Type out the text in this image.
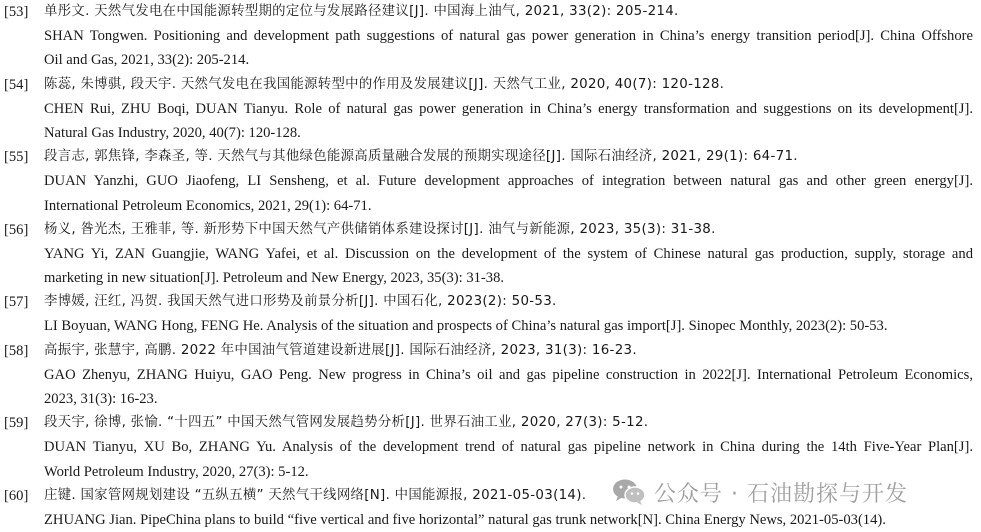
[53]	单彤文. 天然气发电在中国能源转型期的定位与发展路径建议[J]. 中国海上油气, 2021, 33(2): 205-214.
SHAN Tongwen. Positioning and development path suggestions of natural gas power generation in China’s energy transition period[J]. China Offshore
Oil and Gas, 2021, 33(2): 205-214.
[54]	陈蕊, 朱博骐, 段天宇. 天然气发电在我国能源转型中的作用及发展建议[J]. 天然气工业, 2020, 40(7): 120-128.
CHEN Rui, ZHU Boqi, DUAN Tianyu. Role of natural gas power generation in China’s energy transformation and suggestions on its development[J].
Natural Gas Industry, 2020, 40(7): 120-128.
[55]	段言志, 郭焦锋, 李森圣, 等. 天然气与其他绿色能源高质量融合发展的预期实现途径[J]. 国际石油经济, 2021, 29(1): 64-71.
DUAN Yanzhi, GUO Jiaofeng, LI Sensheng, et al. Future development approaches of integration between natural gas and other green energy[J].
International Petroleum Economics, 2021, 29(1): 64-71.
[56]	杨义, 昝光杰, 王雅菲, 等. 新形势下中国天然气产供储销体系建设探讨[J]. 油气与新能源, 2023, 35(3): 31-38.
YANG Yi, ZAN Guangjie, WANG Yafei, et al. Discussion on the development of the system of Chinese natural gas production, supply, storage and
marketing in new situation[J]. Petroleum and New Energy, 2023, 35(3): 31-38.
[57]	李博媛, 汪红, 冯贺. 我国天然气进口形势及前景分析[J]. 中国石化, 2023(2): 50-53.
LI Boyuan, WANG Hong, FENG He. Analysis of the situation and prospects of China’s natural gas import[J]. Sinopec Monthly, 2023(2): 50-53.
[58]	高振宇, 张慧宇, 高鹏. 2022 年中国油气管道建设新进展[J]. 国际石油经济, 2023, 31(3): 16-23.
GAO Zhenyu, ZHANG Huiyu, GAO Peng. New progress in China’s oil and gas pipeline construction in 2022[J]. International Petroleum Economics,
2023, 31(3): 16-23.
[59]	段天宇, 徐博, 张愉. “十四五” 中国天然气管网发展趋势分析[J]. 世界石油工业, 2020, 27(3): 5-12.
DUAN Tianyu, XU Bo, ZHANG Yu. Analysis of the development trend of natural gas pipeline network in China during the 14th Five-Year Plan[J].
World Petroleum Industry, 2020, 27(3): 5-12.
[60]	庄键. 国家管网规划建设 “五纵五横” 天然气干线网络[N]. 中国能源报, 2021-05-03(14).
ZHUANG Jian. PipeChina plans to build “five vertical and five horizontal” natural gas trunk network[N]. China Energy News, 2021-05-03(14).
公众号 · 石油勘探与开发
